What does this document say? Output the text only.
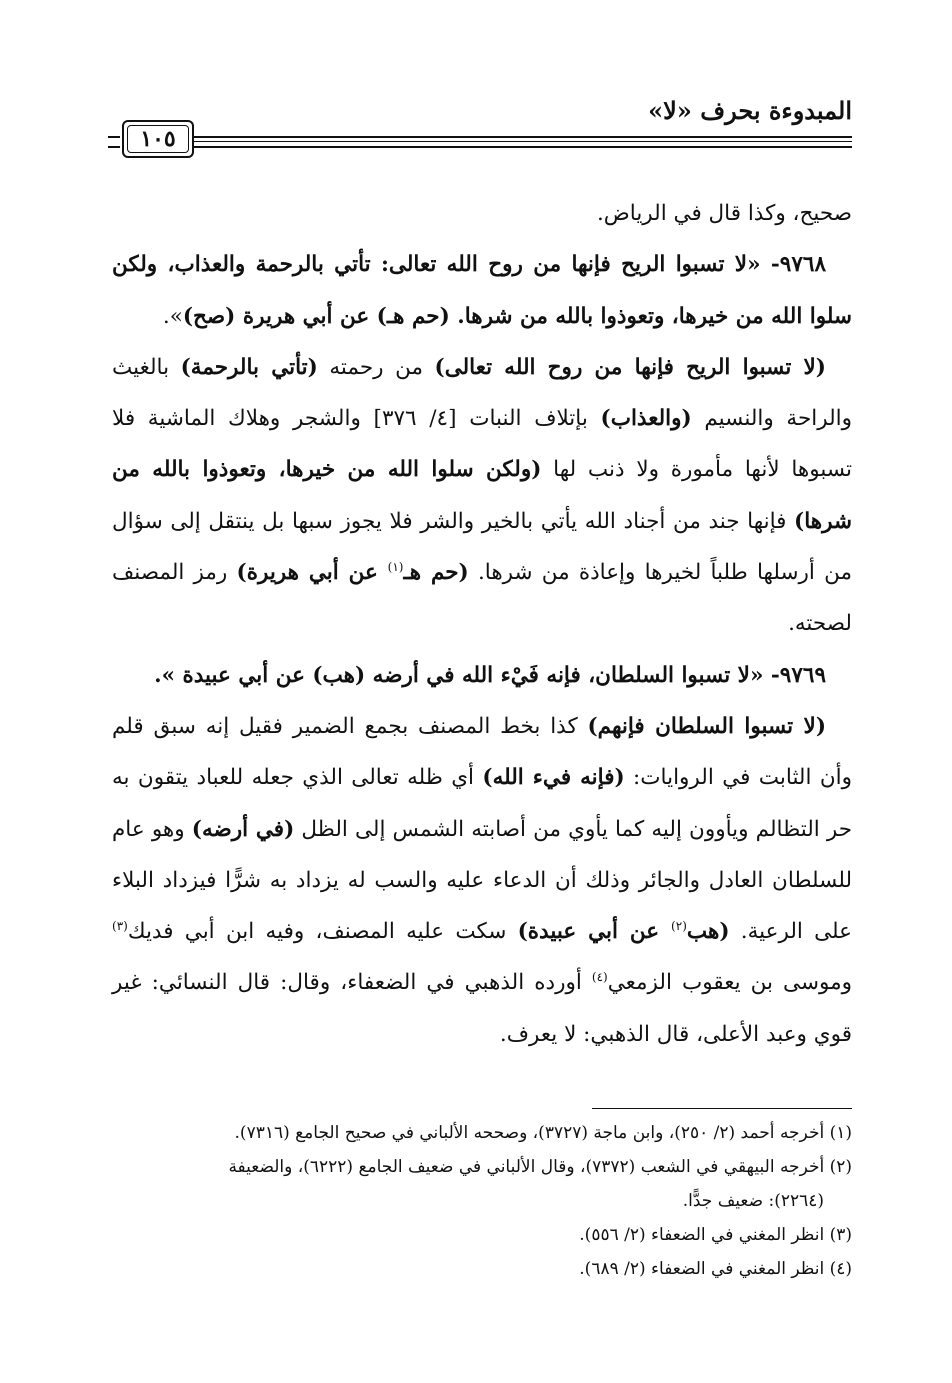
المبدوءة بحرف «لا»
١٠٥

صحيح، وكذا قال في الرياض.

٩٧٦٨- «لا تسبوا الريح فإنها من روح الله تعالى: تأتي بالرحمة والعذاب، ولكن سلوا الله من خيرها، وتعوذوا بالله من شرها. (حم هـ) عن أبي هريرة (صح)».

(لا تسبوا الريح فإنها من روح الله تعالى) من رحمته (تأتي بالرحمة) بالغيث والراحة والنسيم (والعذاب) بإتلاف النبات [٤/ ٣٧٦] والشجر وهلاك الماشية فلا تسبوها لأنها مأمورة ولا ذنب لها (ولكن سلوا الله من خيرها، وتعوذوا بالله من شرها) فإنها جند من أجناد الله يأتي بالخير والشر فلا يجوز سبها بل ينتقل إلى سؤال من أرسلها طلباً لخيرها وإعاذة من شرها. (حم هـ$^{(١)}$ عن أبي هريرة) رمز المصنف لصحته.

٩٧٦٩- «لا تسبوا السلطان، فإنه فَيْء الله في أرضه (هب) عن أبي عبيدة ».

(لا تسبوا السلطان فإنهم) كذا بخط المصنف بجمع الضمير فقيل إنه سبق قلم وأن الثابت في الروايات: (فإنه فيء الله) أي ظله تعالى الذي جعله للعباد يتقون به حر التظالم ويأوون إليه كما يأوي من أصابته الشمس إلى الظل (في أرضه) وهو عام للسلطان العادل والجائر وذلك أن الدعاء عليه والسب له يزداد به شرًّا فيزداد البلاء على الرعية. (هب$^{(٢)}$ عن أبي عبيدة) سكت عليه المصنف، وفيه ابن أبي فديك$^{(٣)}$ وموسى بن يعقوب الزمعي$^{(٤)}$ أورده الذهبي في الضعفاء، وقال: قال النسائي: غير قوي وعبد الأعلى، قال الذهبي: لا يعرف.

(١) أخرجه أحمد (٢/ ٢٥٠)، وابن ماجة (٣٧٢٧)، وصححه الألباني في صحيح الجامع (٧٣١٦).

(٢) أخرجه البيهقي في الشعب (٧٣٧٢)، وقال الألباني في ضعيف الجامع (٦٢٢٢)، والضعيفة

(٢٢٦٤): ضعيف جدًّا.

(٣) انظر المغني في الضعفاء (٢/ ٥٥٦).

(٤) انظر المغني في الضعفاء (٢/ ٦٨٩).
